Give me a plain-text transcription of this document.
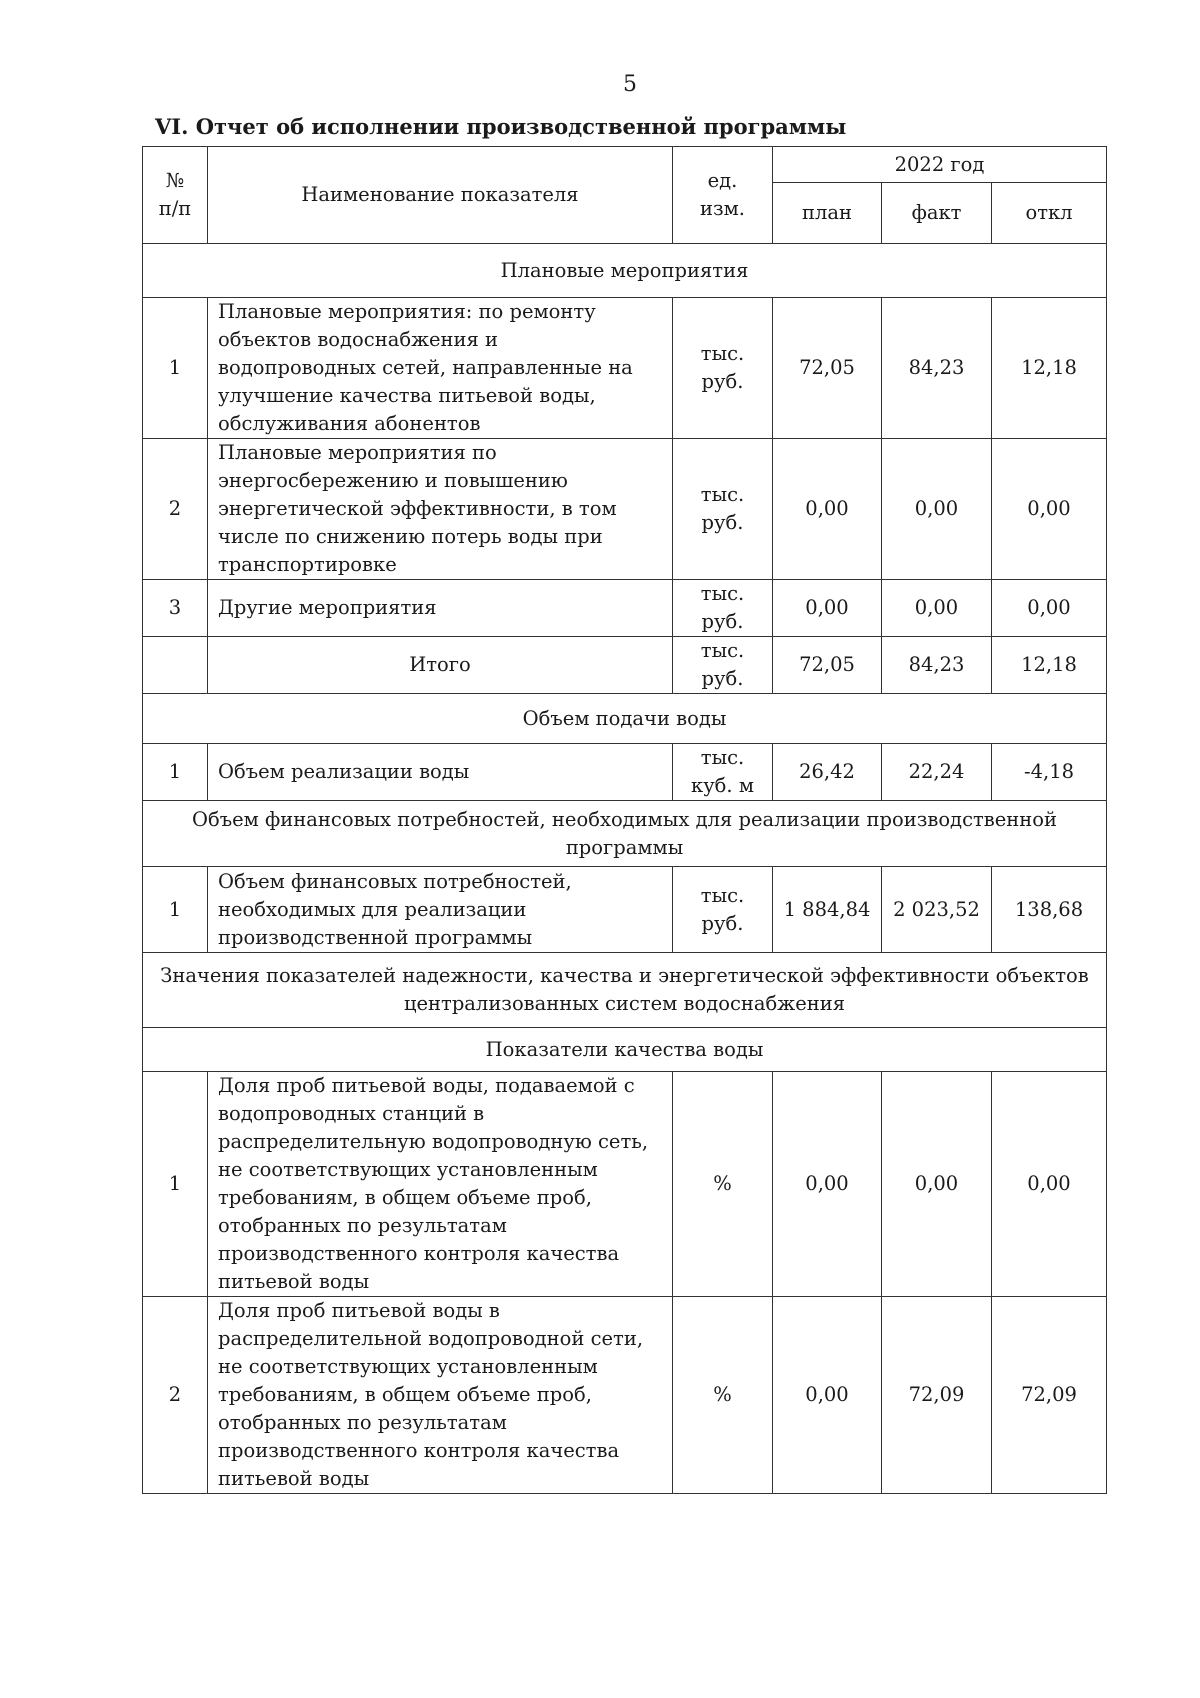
5
VI. Отчет об исполнении производственной программы
№ п/п	Наименование показателя	ед. изм.	2022 год		
			план	факт	откл
Плановые мероприятия					
1	Плановые мероприятия: по ремонту объектов водоснабжения и водопроводных сетей, направленные на улучшение качества питьевой воды, обслуживания абонентов	тыс. руб.	72,05	84,23	12,18
2	Плановые мероприятия по энергосбережению и повышению энергетической эффективности, в том числе по снижению потерь воды при транспортировке	тыс. руб.	0,00	0,00	0,00
3	Другие мероприятия	тыс. руб.	0,00	0,00	0,00
	Итого	тыс. руб.	72,05	84,23	12,18
Объем подачи воды					
1	Объем реализации воды	тыс. куб. м	26,42	22,24	-4,18
Объем финансовых потребностей, необходимых для реализации производственной программы					
1	Объем финансовых потребностей, необходимых для реализации производственной программы	тыс. руб.	1 884,84	2 023,52	138,68
Значения показателей надежности, качества и энергетической эффективности объектов централизованных систем водоснабжения					
Показатели качества воды					
1	Доля проб питьевой воды, подаваемой с водопроводных станций в распределительную водопроводную сеть, не соответствующих установленным требованиям, в общем объеме проб, отобранных по результатам производственного контроля качества питьевой воды	%	0,00	0,00	0,00
2	Доля проб питьевой воды в распределительной водопроводной сети, не соответствующих установленным требованиям, в общем объеме проб, отобранных по результатам производственного контроля качества питьевой воды	%	0,00	72,09	72,09
